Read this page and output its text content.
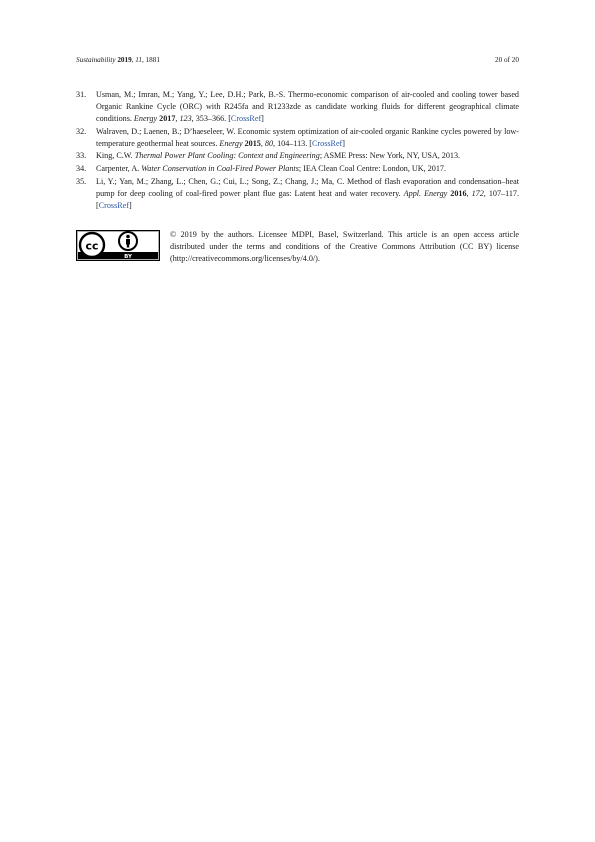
Sustainability 2019, 11, 1881	20 of 20
31.	Usman, M.; Imran, M.; Yang, Y.; Lee, D.H.; Park, B.-S. Thermo-economic comparison of air-cooled and cooling tower based Organic Rankine Cycle (ORC) with R245fa and R1233zde as candidate working fluids for different geographical climate conditions. Energy 2017, 123, 353–366. [CrossRef]
32.	Walraven, D.; Laenen, B.; D’haeseleer, W. Economic system optimization of air-cooled organic Rankine cycles powered by low-temperature geothermal heat sources. Energy 2015, 80, 104–113. [CrossRef]
33.	King, C.W. Thermal Power Plant Cooling: Context and Engineering; ASME Press: New York, NY, USA, 2013.
34.	Carpenter, A. Water Conservation in Coal-Fired Power Plants; IEA Clean Coal Centre: London, UK, 2017.
35.	Li, Y.; Yan, M.; Zhang, L.; Chen, G.; Cui, L.; Song, Z.; Chang, J.; Ma, C. Method of flash evaporation and condensation–heat pump for deep cooling of coal-fired power plant flue gas: Latent heat and water recovery. Appl. Energy 2016, 172, 107–117. [CrossRef]
cc
BY
© 2019 by the authors. Licensee MDPI, Basel, Switzerland. This article is an open access article distributed under the terms and conditions of the Creative Commons Attribution (CC BY) license (http://creativecommons.org/licenses/by/4.0/).
